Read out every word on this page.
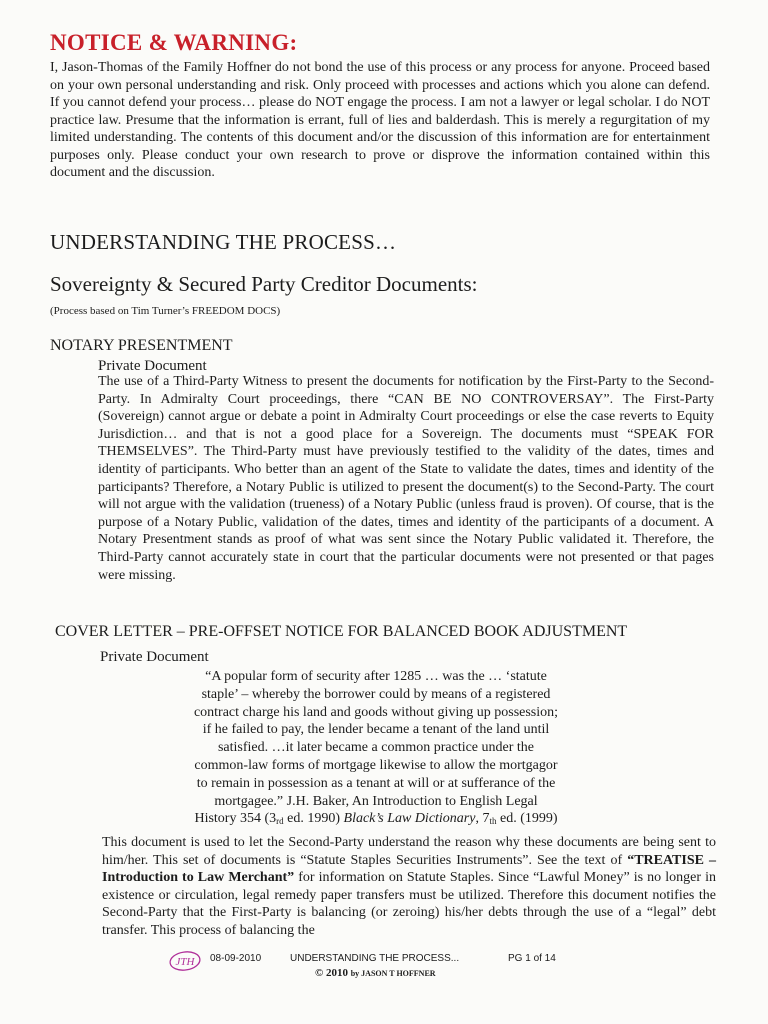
NOTICE & WARNING:
I, Jason-Thomas of the Family Hoffner do not bond the use of this process or any process for anyone. Proceed based on your own personal understanding and risk. Only proceed with processes and actions which you alone can defend. If you cannot defend your process… please do NOT engage the process. I am not a lawyer or legal scholar. I do NOT practice law. Presume that the information is errant, full of lies and balderdash. This is merely a regurgitation of my limited understanding. The contents of this document and/or the discussion of this information are for entertainment purposes only. Please conduct your own research to prove or disprove the information contained within this document and the discussion.
UNDERSTANDING THE PROCESS…
Sovereignty & Secured Party Creditor Documents:
(Process based on Tim Turner’s FREEDOM DOCS)
NOTARY PRESENTMENT
Private Document
The use of a Third-Party Witness to present the documents for notification by the First-Party to the Second-Party. In Admiralty Court proceedings, there “CAN BE NO CONTROVERSAY”. The First-Party (Sovereign) cannot argue or debate a point in Admiralty Court proceedings or else the case reverts to Equity Jurisdiction… and that is not a good place for a Sovereign. The documents must “SPEAK FOR THEMSELVES”. The Third-Party must have previously testified to the validity of the dates, times and identity of participants. Who better than an agent of the State to validate the dates, times and identity of the participants? Therefore, a Notary Public is utilized to present the document(s) to the Second-Party. The court will not argue with the validation (trueness) of a Notary Public (unless fraud is proven). Of course, that is the purpose of a Notary Public, validation of the dates, times and identity of the participants of a document. A Notary Presentment stands as proof of what was sent since the Notary Public validated it. Therefore, the Third-Party cannot accurately state in court that the particular documents were not presented or that pages were missing.
COVER LETTER – PRE-OFFSET NOTICE FOR BALANCED BOOK ADJUSTMENT
Private Document
“A popular form of security after 1285 … was the … ‘statute
staple’ – whereby the borrower could by means of a registered
contract charge his land and goods without giving up possession;
if he failed to pay, the lender became a tenant of the land until
satisfied. …it later became a common practice under the
common-law forms of mortgage likewise to allow the mortgagor
to remain in possession as a tenant at will or at sufferance of the
mortgagee.” J.H. Baker, An Introduction to English Legal
History 354 ($3_{rd}$ ed. 1990) Black’s Law Dictionary, $7_{th}$ ed. (1999)
This document is used to let the Second-Party understand the reason why these documents are being sent to him/her. This set of documents is “Statute Staples Securities Instruments”. See the text of “TREATISE – Introduction to Law Merchant” for information on Statute Staples. Since “Lawful Money” is no longer in existence or circulation, legal remedy paper transfers must be utilized. Therefore this document notifies the Second-Party that the First-Party is balancing (or zeroing) his/her debts through the use of a “legal” debt transfer. This process of balancing the
JTH 08-09-2010	UNDERSTANDING THE PROCESS...	PG 1 of 14
© 2010 by JASON T HOFFNER
